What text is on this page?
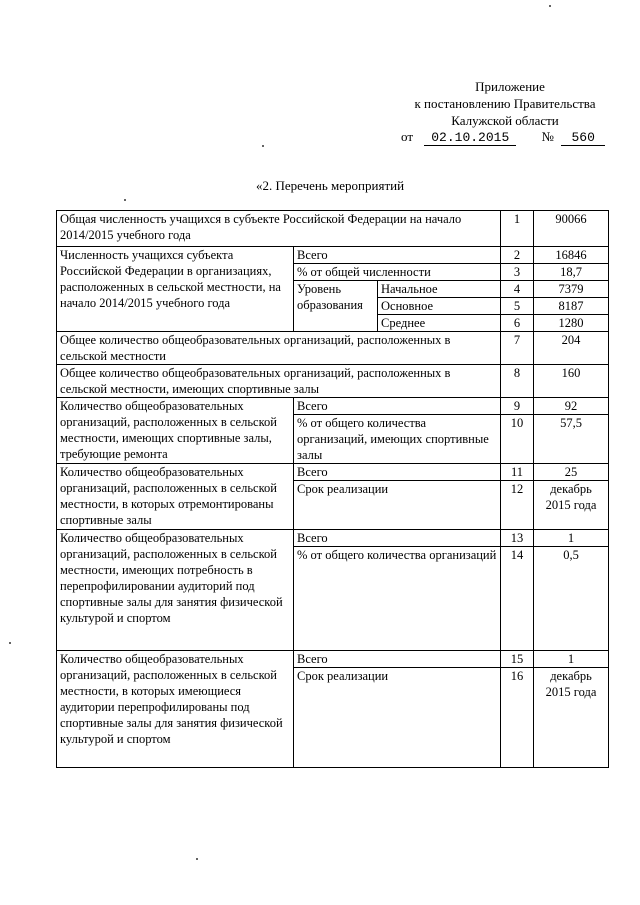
Приложение
к постановлению Правительства
Калужской области
от 02.10.2015 № 560
«2. Перечень мероприятий
Общая численность учащихся в субъекте Российской Федерации на начало 2014/2015 учебного года			1	90066
Численность учащихся субъекта Российской Федерации в организациях, расположенных в сельской местности, на начало 2014/2015 учебного года	Всего		2	16846
	% от общей численности		3	18,7
	Уровень образования	Начальное	4	7379
		Основное	5	8187
		Среднее	6	1280
Общее количество общеобразовательных организаций, расположенных в сельской местности			7	204
Общее количество общеобразовательных организаций, расположенных в сельской местности, имеющих спортивные залы			8	160
Количество общеобразовательных организаций, расположенных в сельской местности, имеющих спортивные залы, требующие ремонта	Всего		9	92
	% от общего количества организаций, имеющих спортивные залы		10	57,5
Количество общеобразовательных организаций, расположенных в сельской местности, в которых отремонтированы спортивные залы	Всего		11	25
	Срок реализации		12	декабрь 2015 года
Количество общеобразовательных организаций, расположенных в сельской местности, имеющих потребность в перепрофилировании аудиторий под спортивные залы для занятия физической культурой и спортом	Всего		13	1
	% от общего количества организаций		14	0,5
Количество общеобразовательных организаций, расположенных в сельской местности, в которых имеющиеся аудитории перепрофилированы под спортивные залы для занятия физической культурой и спортом	Всего		15	1
	Срок реализации		16	декабрь 2015 года
